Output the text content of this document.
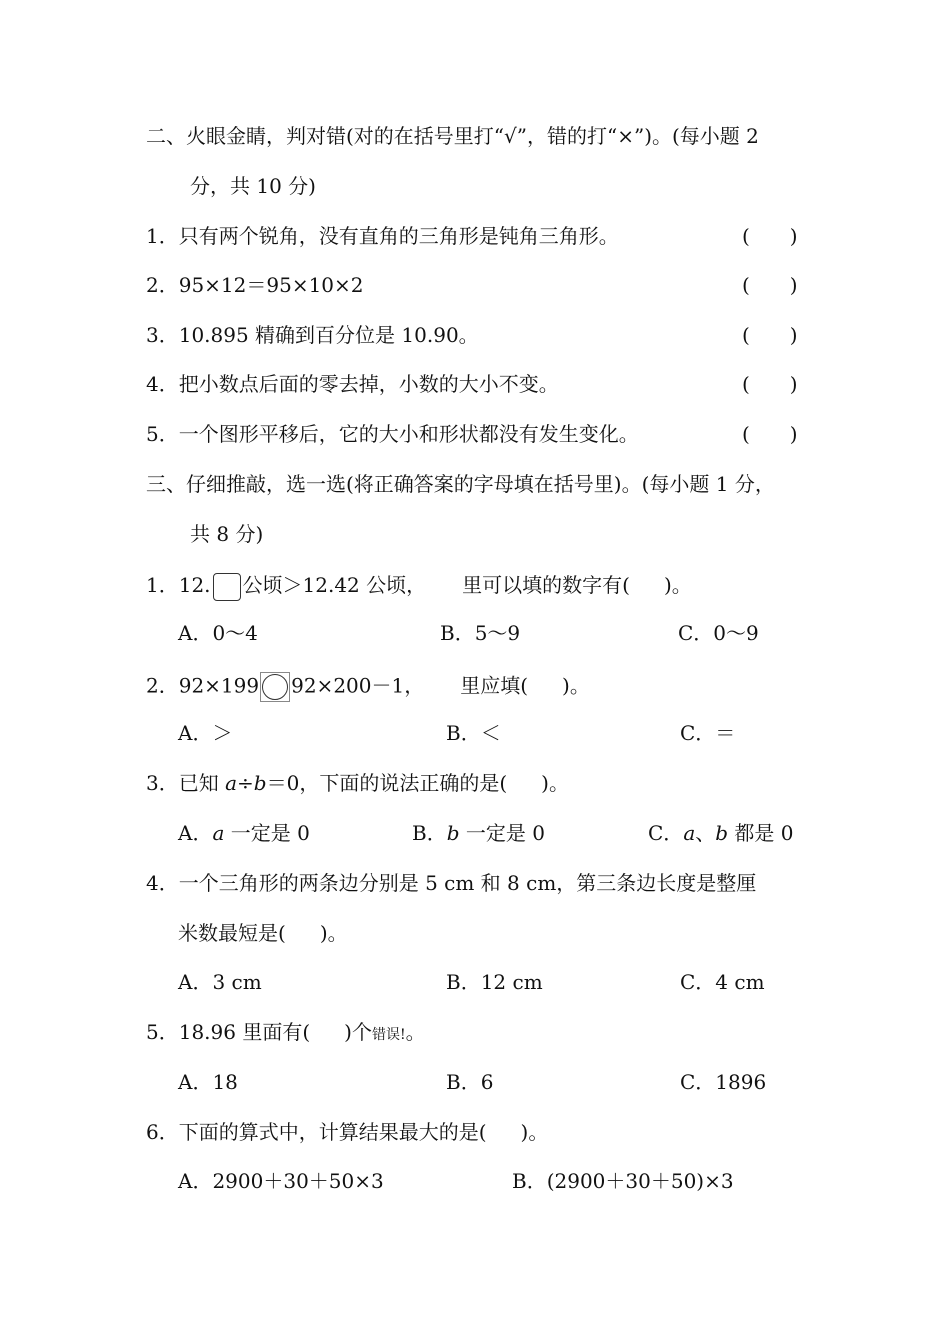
二、火眼金睛，判对错(对的在括号里打“√”，错的打“×”)。(每小题 2
分，共 10 分)
1．只有两个锐角，没有直角的三角形是钝角三角形。	(　　)
2．95×12＝95×10×2	(　　)
3．10.895 精确到百分位是 10.90。	(　　)
4．把小数点后面的零去掉，小数的大小不变。	(　　)
5．一个图形平移后，它的大小和形状都没有发生变化。	(　　)
三、仔细推敲，选一选(将正确答案的字母填在括号里)。(每小题 1 分，
共 8 分)
1．12. 公顷＞12.42 公顷， 里可以填的数字有( )。
A．0～4	B．5～9	C．0～9
2．92×199 92×200－1， 里应填( )。
A．＞	B．＜	C．＝
3．已知 a÷b＝0，下面的说法正确的是( )。
A．a 一定是 0	B．b 一定是 0	C．a、b 都是 0
4．一个三角形的两条边分别是 5 cm 和 8 cm，第三条边长度是整厘
米数最短是( )。
A．3 cm	B．12 cm	C．4 cm
5．18.96 里面有( )个错误!。
A．18	B．6	C．1896
6．下面的算式中，计算结果最大的是( )。
A．2900＋30＋50×3	B．(2900＋30＋50)×3
